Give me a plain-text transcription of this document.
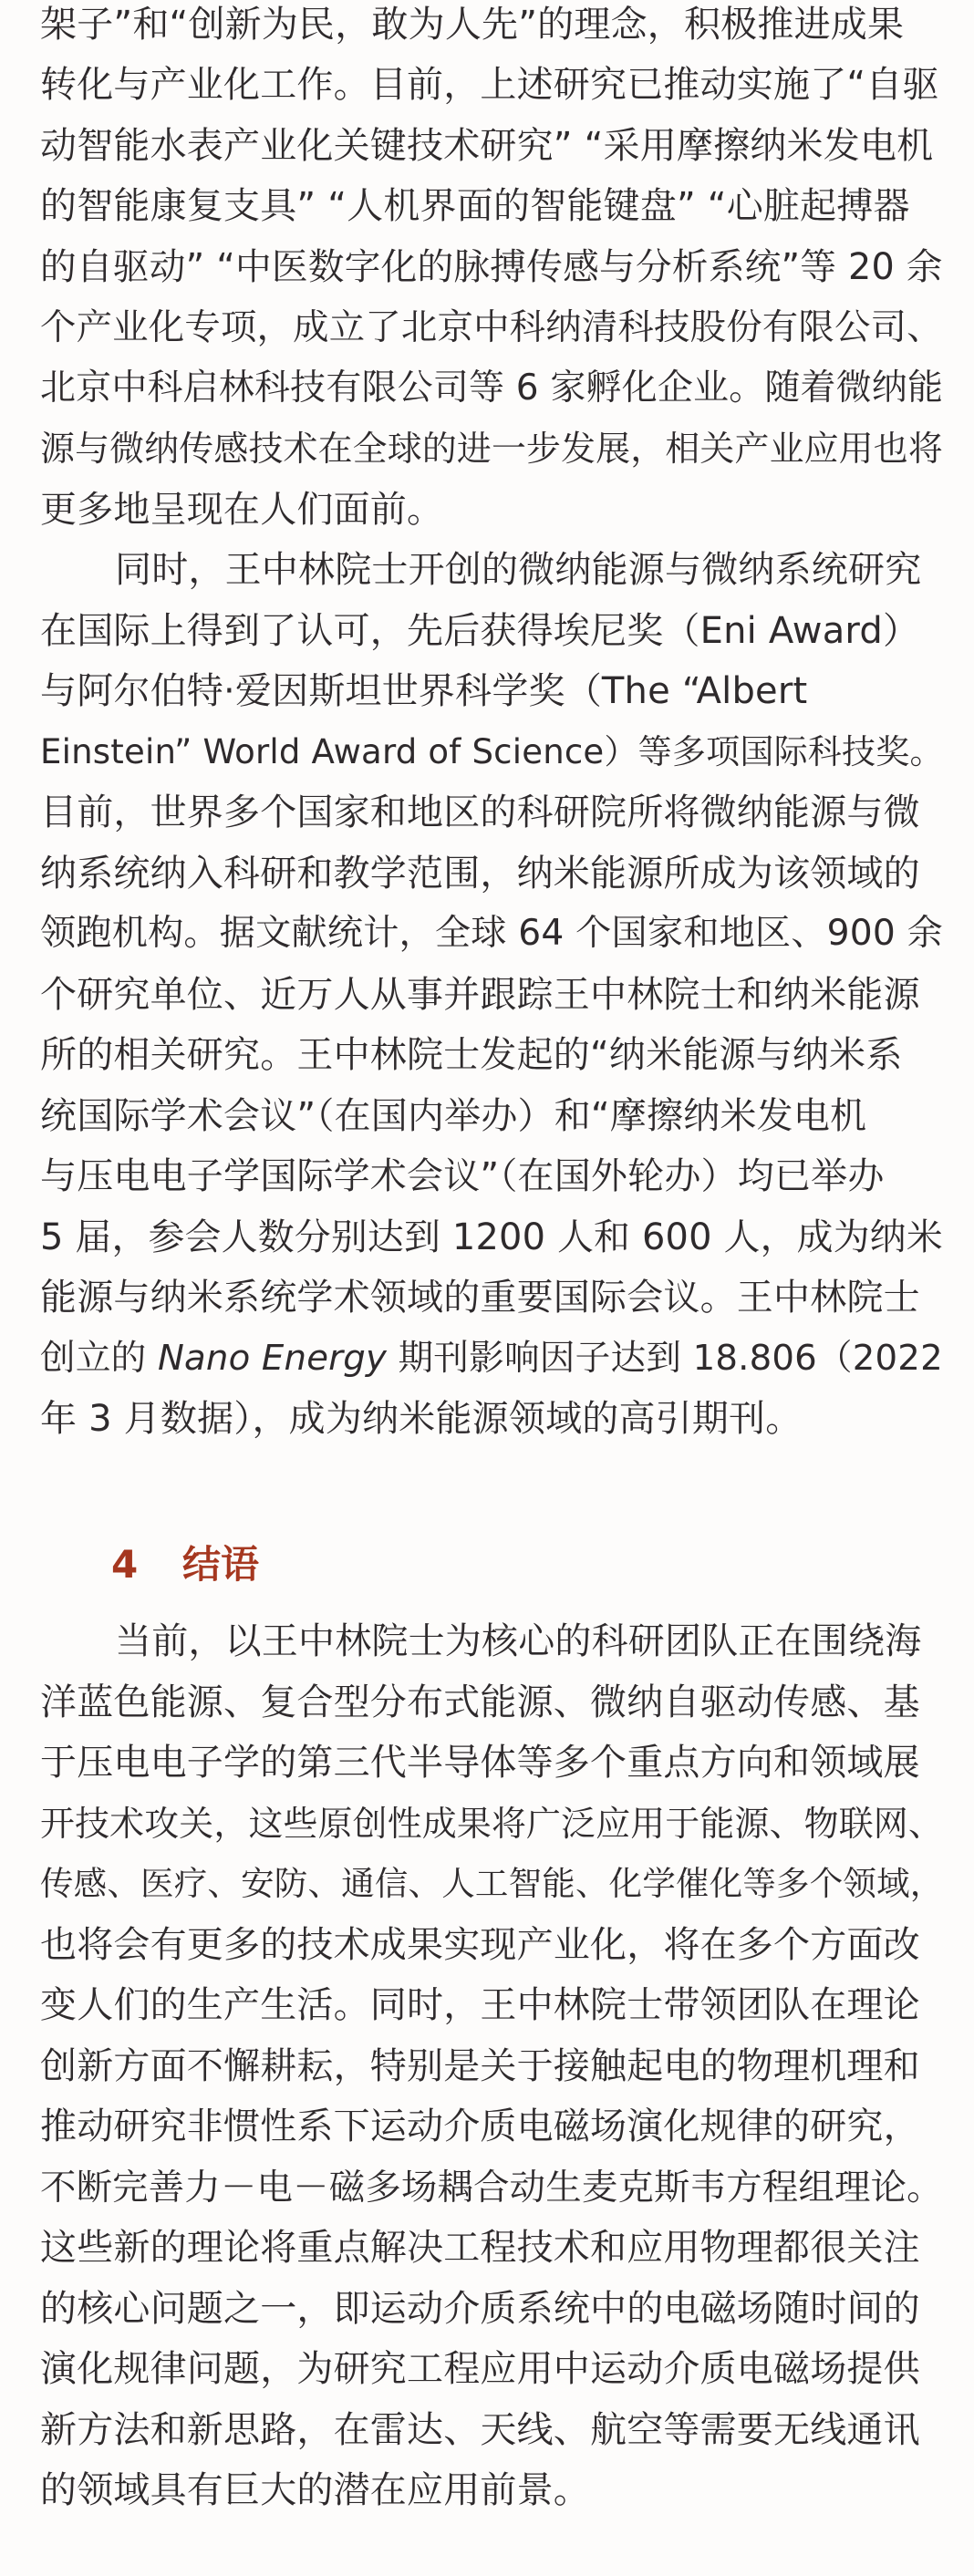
架子”和“创新为民，敢为人先”的理念，积极推进成果
转化与产业化工作。目前，上述研究已推动实施了“自驱
动智能水表产业化关键技术研究” “采用摩擦纳米发电机
的智能康复支具” “人机界面的智能键盘” “心脏起搏器
的自驱动” “中医数字化的脉搏传感与分析系统”等 20 余
个产业化专项，成立了北京中科纳清科技股份有限公司、
北京中科启林科技有限公司等 6 家孵化企业。随着微纳能
源与微纳传感技术在全球的进一步发展，相关产业应用也将
更多地呈现在人们面前。
同时，王中林院士开创的微纳能源与微纳系统研究
在国际上得到了认可，先后获得埃尼奖（Eni Award）
与阿尔伯特·爱因斯坦世界科学奖（The “Albert
Einstein” World Award of Science）等多项国际科技奖。
目前，世界多个国家和地区的科研院所将微纳能源与微
纳系统纳入科研和教学范围，纳米能源所成为该领域的
领跑机构。据文献统计，全球 64 个国家和地区、900 余
个研究单位、近万人从事并跟踪王中林院士和纳米能源
所的相关研究。王中林院士发起的“纳米能源与纳米系
统国际学术会议”（在国内举办）和“摩擦纳米发电机
与压电电子学国际学术会议”（在国外轮办）均已举办
5 届，参会人数分别达到 1200 人和 600 人，成为纳米
能源与纳米系统学术领域的重要国际会议。王中林院士
创立的 Nano Energy 期刊影响因子达到 18.806（2022
年 3 月数据），成为纳米能源领域的高引期刊。
4 结语
当前，以王中林院士为核心的科研团队正在围绕海
洋蓝色能源、复合型分布式能源、微纳自驱动传感、基
于压电电子学的第三代半导体等多个重点方向和领域展
开技术攻关，这些原创性成果将广泛应用于能源、物联网、
传感、医疗、安防、通信、人工智能、化学催化等多个领域，
也将会有更多的技术成果实现产业化，将在多个方面改
变人们的生产生活。同时，王中林院士带领团队在理论
创新方面不懈耕耘，特别是关于接触起电的物理机理和
推动研究非惯性系下运动介质电磁场演化规律的研究，
不断完善力－电－磁多场耦合动生麦克斯韦方程组理论。
这些新的理论将重点解决工程技术和应用物理都很关注
的核心问题之一，即运动介质系统中的电磁场随时间的
演化规律问题，为研究工程应用中运动介质电磁场提供
新方法和新思路，在雷达、天线、航空等需要无线通讯
的领域具有巨大的潜在应用前景。
